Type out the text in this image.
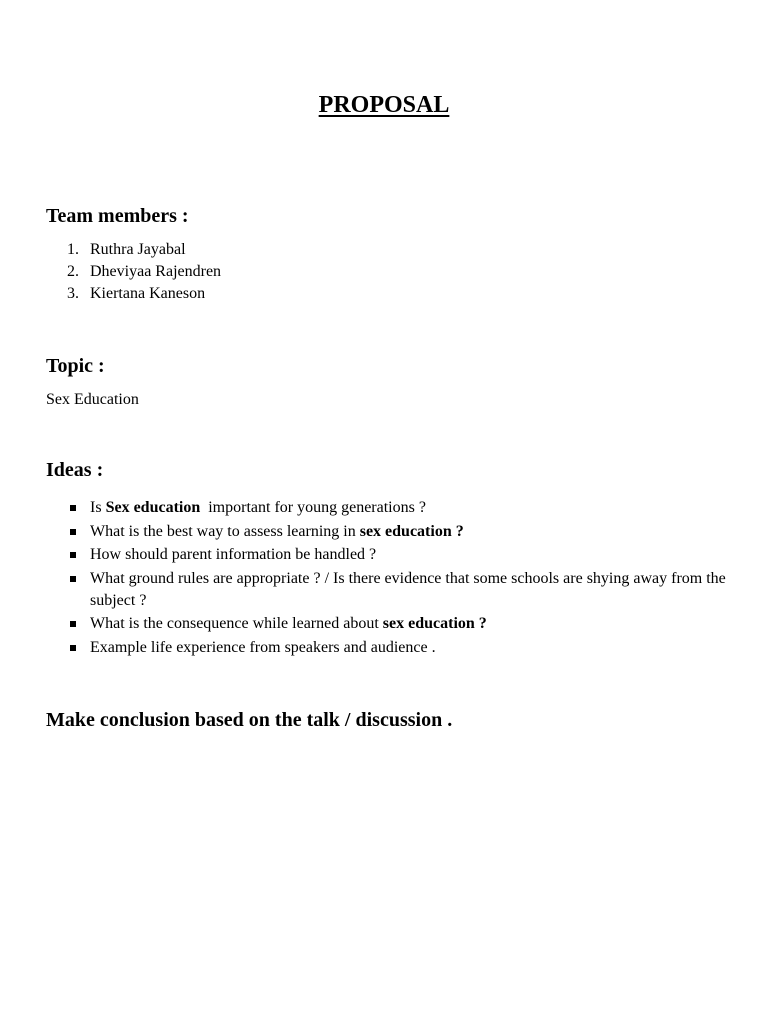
PROPOSAL
Team members :
1. Ruthra Jayabal
2. Dheviyaa Rajendren
3. Kiertana Kaneson
Topic :
Sex Education
Ideas :
Is Sex education  important for young generations ?
What is the best way to assess learning in sex education ?
How should parent information be handled ?
What ground rules are appropriate ? / Is there evidence that some schools are shying away from the subject ?
What is the consequence while learned about sex education ?
Example life experience from speakers and audience .
Make conclusion based on the talk / discussion .
